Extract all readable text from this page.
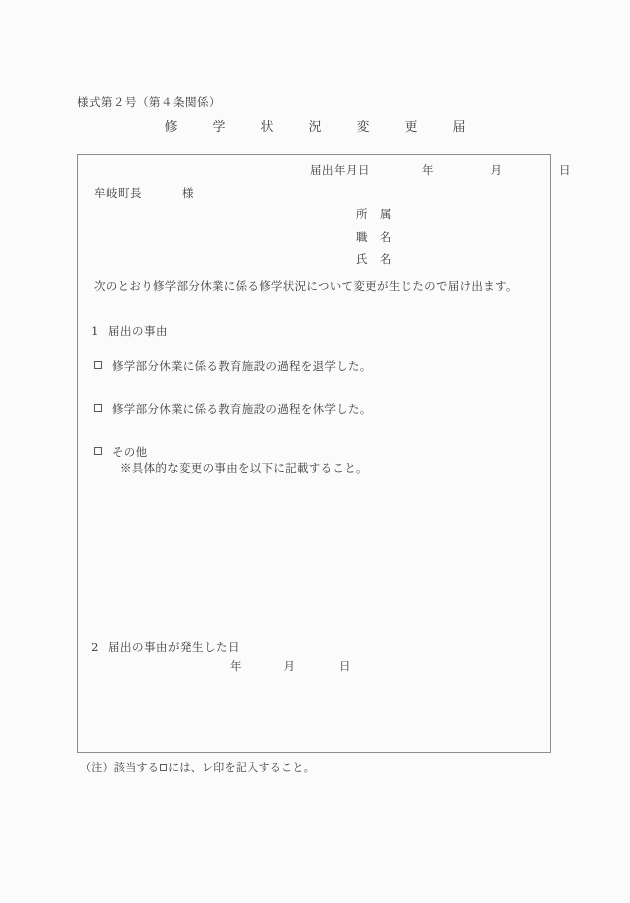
様式第２号（第４条関係）
修　学　状　況　変　更　届
届出年月日	年	月	日
牟岐町長	様
所　属
職　名
氏　名
次のとおり修学部分休業に係る修学状況について変更が生じたので届け出ます。
1 届出の事由
修学部分休業に係る教育施設の過程を退学した。
修学部分休業に係る教育施設の過程を休学した。
その他
※具体的な変更の事由を以下に記載すること。
2 届出の事由が発生した日
年	月	日
（注）該当する には、レ印を記入すること。
